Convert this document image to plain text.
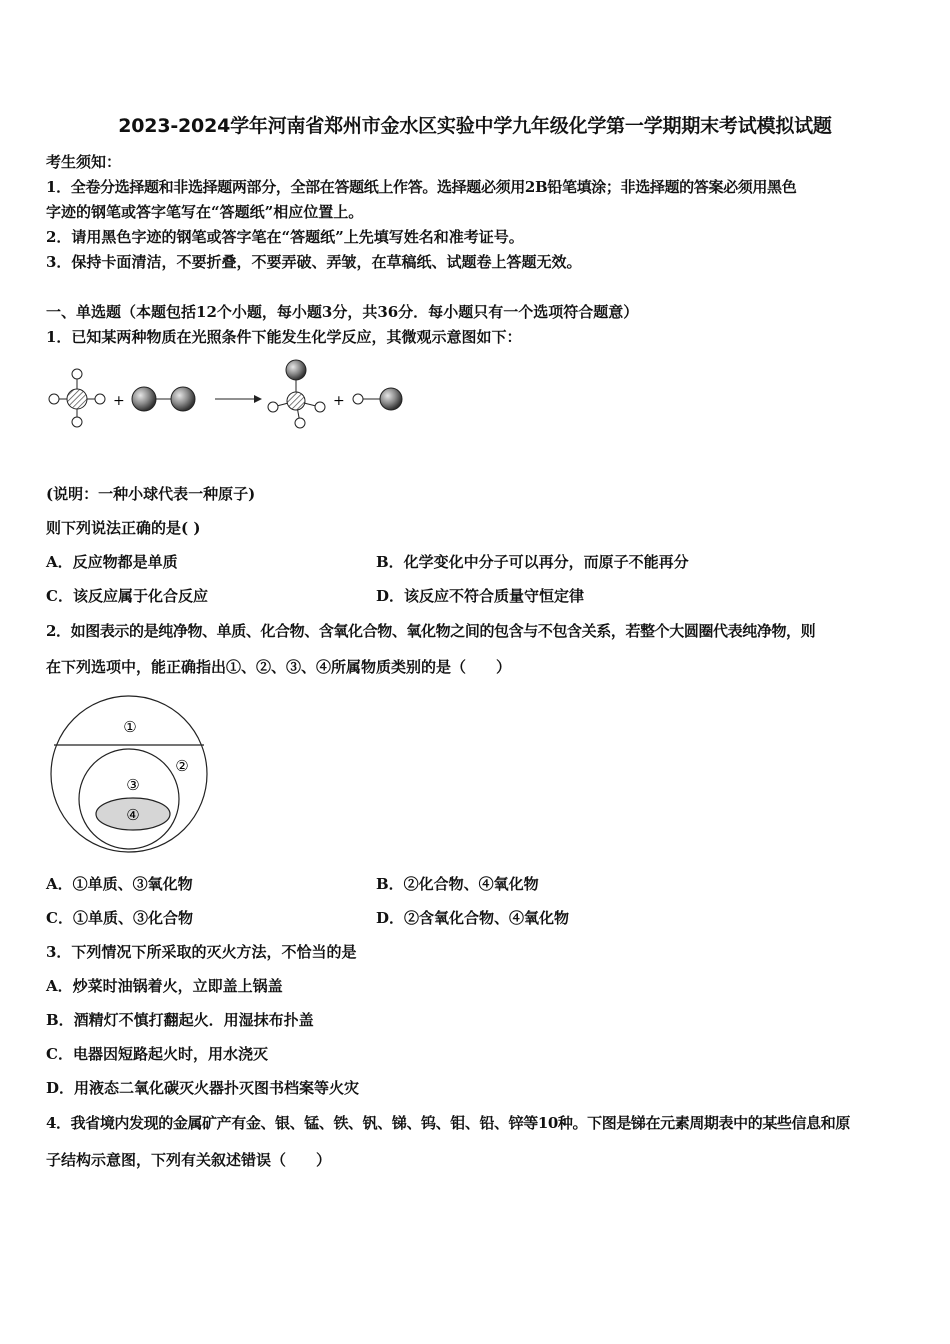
2023-2024学年河南省郑州市金水区实验中学九年级化学第一学期期末考试模拟试题
考生须知：
1．全卷分选择题和非选择题两部分，全部在答题纸上作答。选择题必须用2B铅笔填涂；非选择题的答案必须用黑色
字迹的钢笔或答字笔写在“答题纸”相应位置上。
2．请用黑色字迹的钢笔或答字笔在“答题纸”上先填写姓名和准考证号。
3．保持卡面清洁，不要折叠，不要弄破、弄皱，在草稿纸、试题卷上答题无效。
一、单选题（本题包括12个小题，每小题3分，共36分．每小题只有一个选项符合题意）
1．已知某两种物质在光照条件下能发生化学反应，其微观示意图如下：
+	+
(说明：一种小球代表一种原子)
则下列说法正确的是( )
A．反应物都是单质	B．化学变化中分子可以再分，而原子不能再分
C．该反应属于化合反应	D．该反应不符合质量守恒定律
2．如图表示的是纯净物、单质、化合物、含氧化合物、氧化物之间的包含与不包含关系，若整个大圆圈代表纯净物，则
在下列选项中，能正确指出①、②、③、④所属物质类别的是（　　）
①
②
③
④
A．①单质、③氧化物	B．②化合物、④氧化物
C．①单质、③化合物	D．②含氧化合物、④氧化物
3．下列情况下所采取的灭火方法，不恰当的是
A．炒菜时油锅着火，立即盖上锅盖
B．酒精灯不慎打翻起火．用湿抹布扑盖
C．电器因短路起火时，用水浇灭
D．用液态二氧化碳灭火器扑灭图书档案等火灾
4．我省境内发现的金属矿产有金、银、锰、铁、钒、锑、钨、钼、铅、锌等10种。下图是锑在元素周期表中的某些信息和原
子结构示意图，下列有关叙述错误（　　）
